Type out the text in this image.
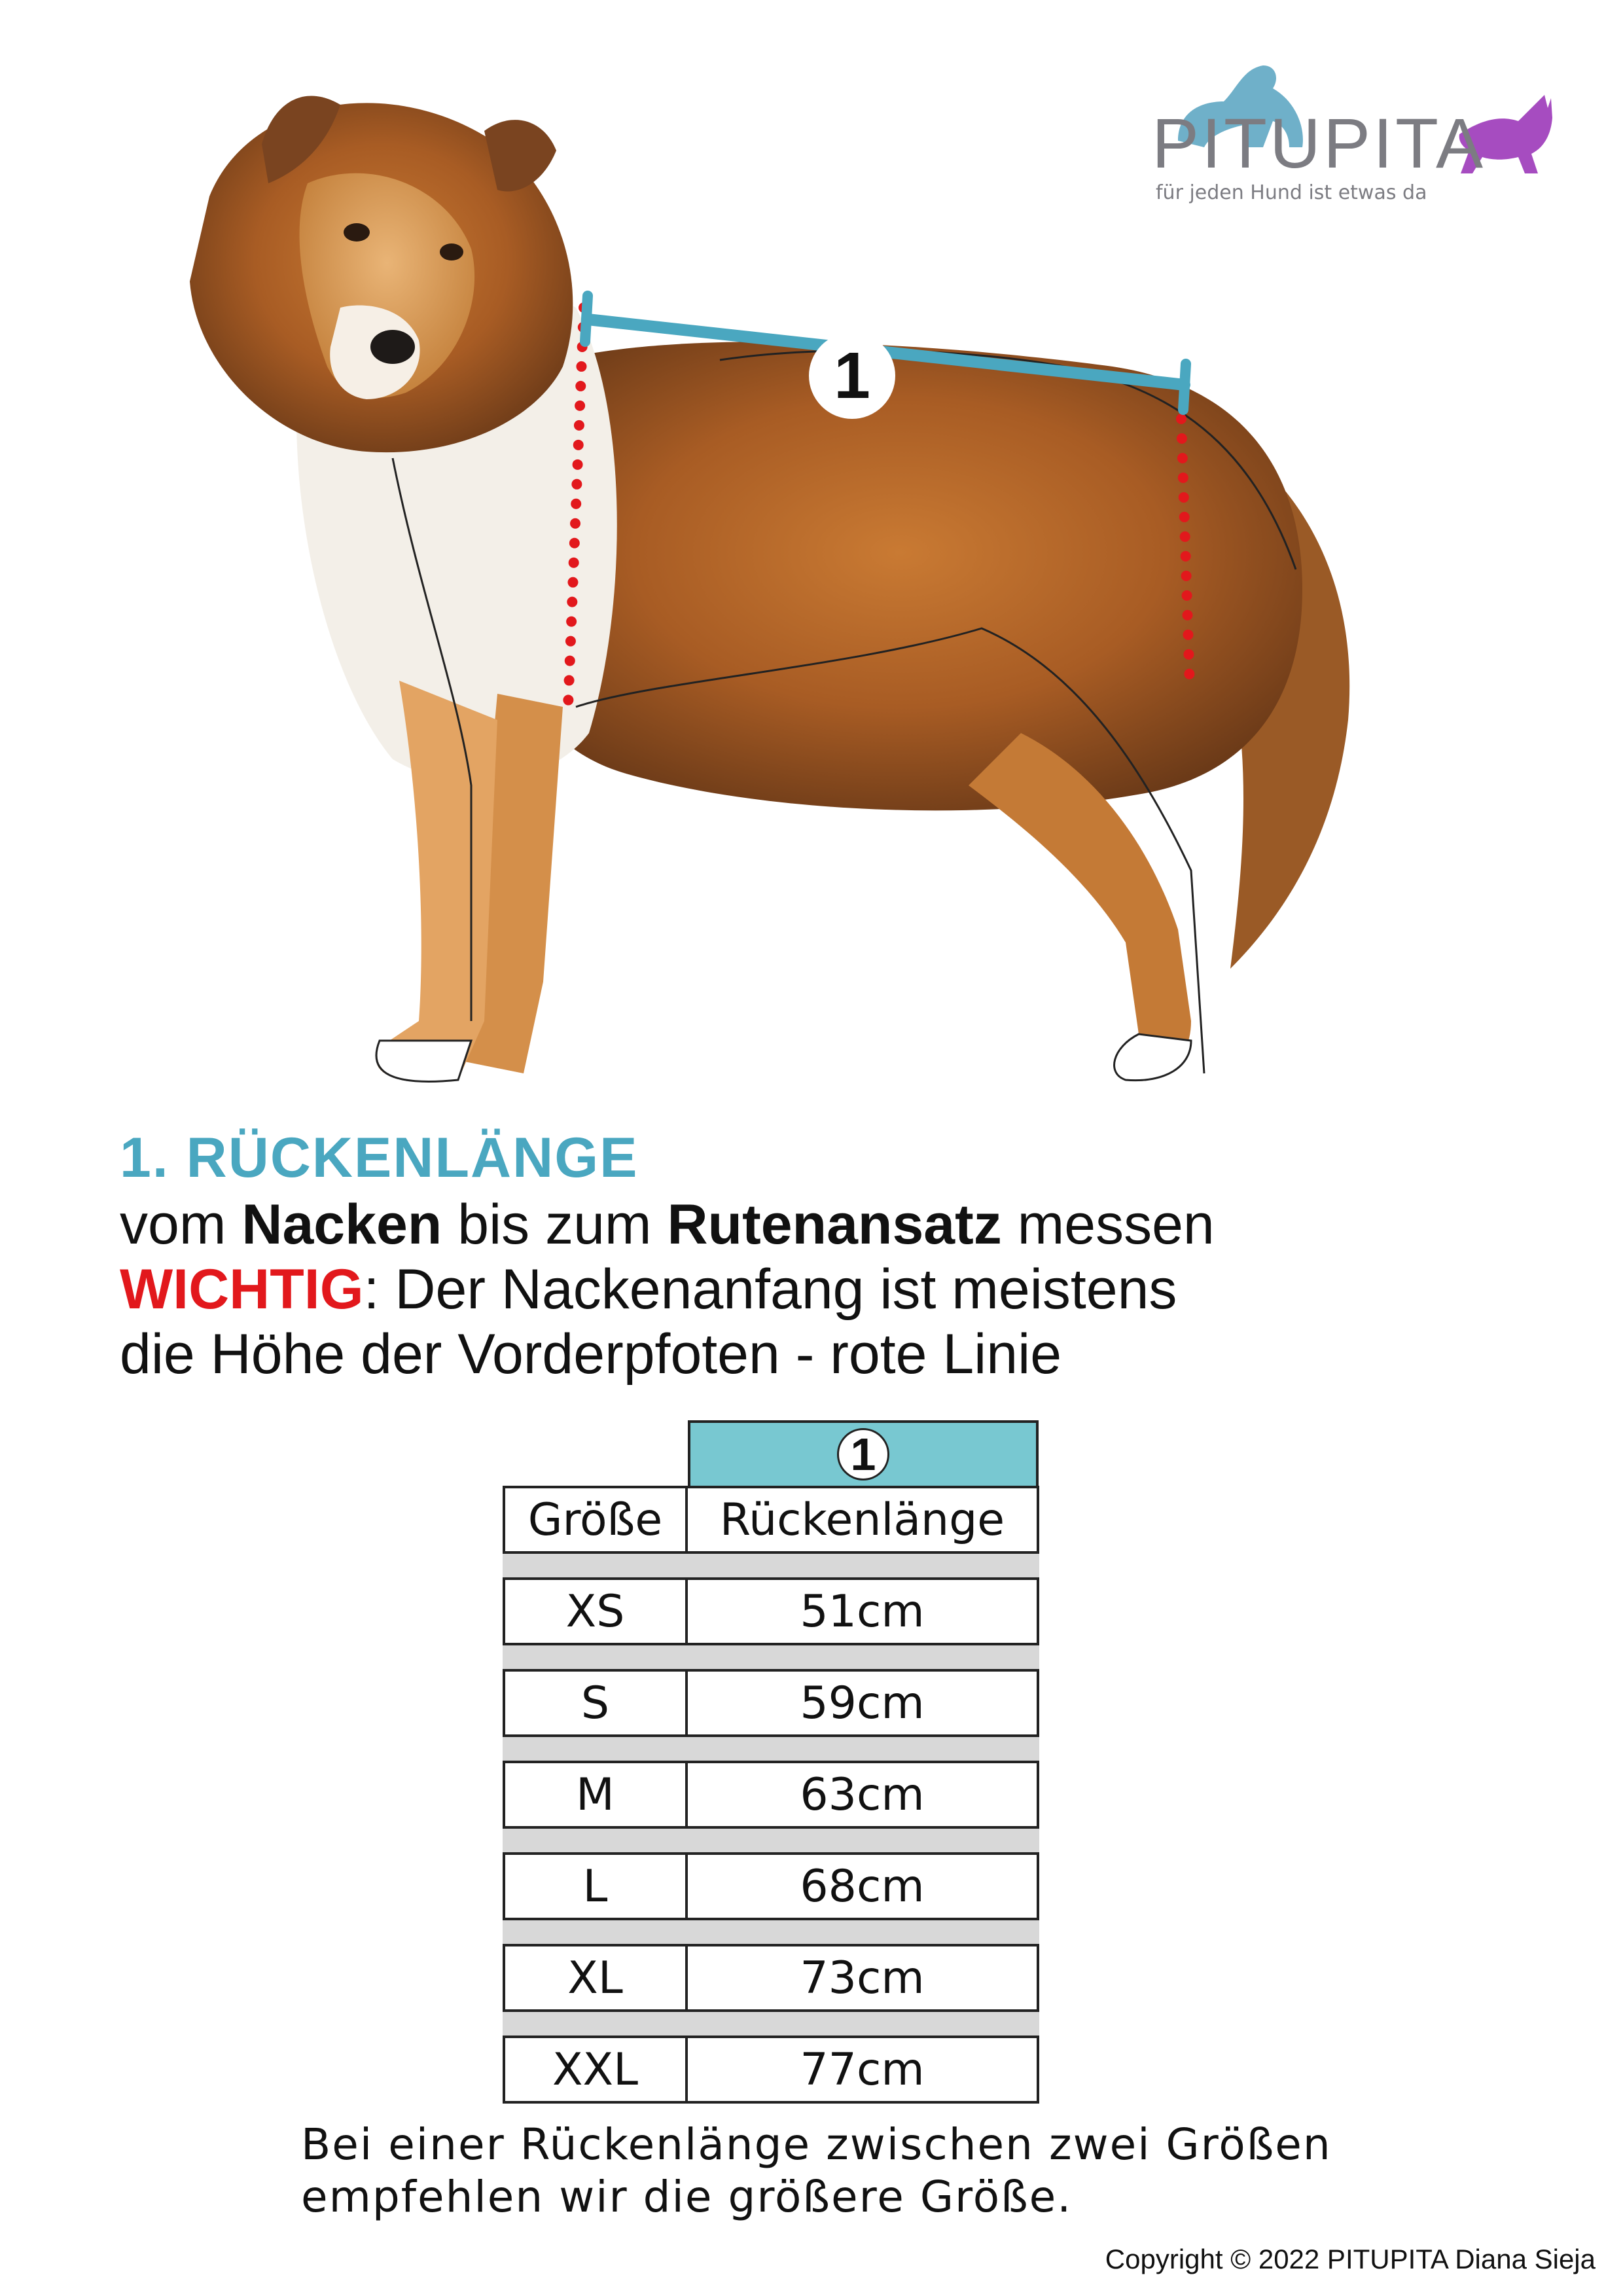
1
PITUPITA
für jeden Hund ist etwas da
1. RÜCKENLÄNGE
vom Nacken bis zum Rutenansatz messen
WICHTIG: Der Nackenanfang ist meistens
die Höhe der Vorderpfoten - rote Linie
1
Größe	Rückenlänge
XS	51cm
S	59cm
M	63cm
L	68cm
XL	73cm
XXL	77cm
Bei einer Rückenlänge zwischen zwei Größen
empfehlen wir die größere Größe.
Copyright © 2022 PITUPITA Diana Sieja
